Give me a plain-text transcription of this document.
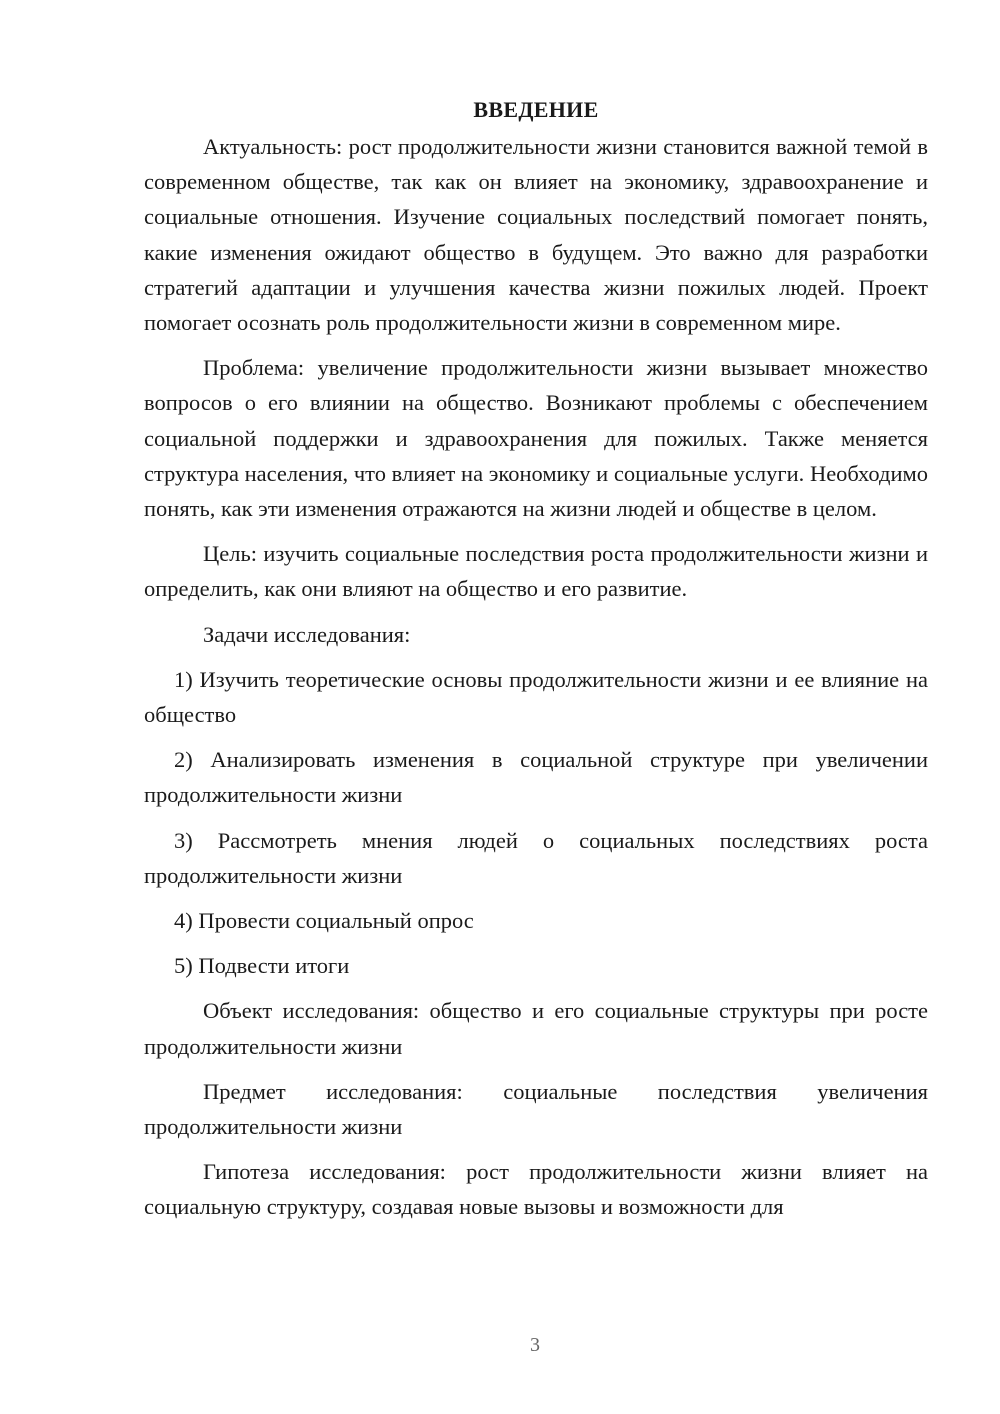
ВВЕДЕНИЕ

Актуальность: рост продолжительности жизни становится важной темой в современном обществе, так как он влияет на экономику, здравоохранение и социальные отношения. Изучение социальных последствий помогает понять, какие изменения ожидают общество в будущем. Это важно для разработки стратегий адаптации и улучшения качества жизни пожилых людей. Проект помогает осознать роль продолжительности жизни в современном мире.

Проблема: увеличение продолжительности жизни вызывает множество вопросов о его влиянии на общество. Возникают проблемы с обеспечением социальной поддержки и здравоохранения для пожилых. Также меняется структура населения, что влияет на экономику и социальные услуги. Необходимо понять, как эти изменения отражаются на жизни людей и обществе в целом.

Цель: изучить социальные последствия роста продолжительности жизни и определить, как они влияют на общество и его развитие.

Задачи исследования:

1) Изучить теоретические основы продолжительности жизни и ее влияние на общество

2) Анализировать изменения в социальной структуре при увеличении продолжительности жизни

3) Рассмотреть мнения людей о социальных последствиях роста продолжительности жизни

4) Провести социальный опрос

5) Подвести итоги

Объект исследования: общество и его социальные структуры при росте продолжительности жизни

Предмет исследования: социальные последствия увеличения продолжительности жизни

Гипотеза исследования: рост продолжительности жизни влияет на социальную структуру, создавая новые вызовы и возможности для

3
